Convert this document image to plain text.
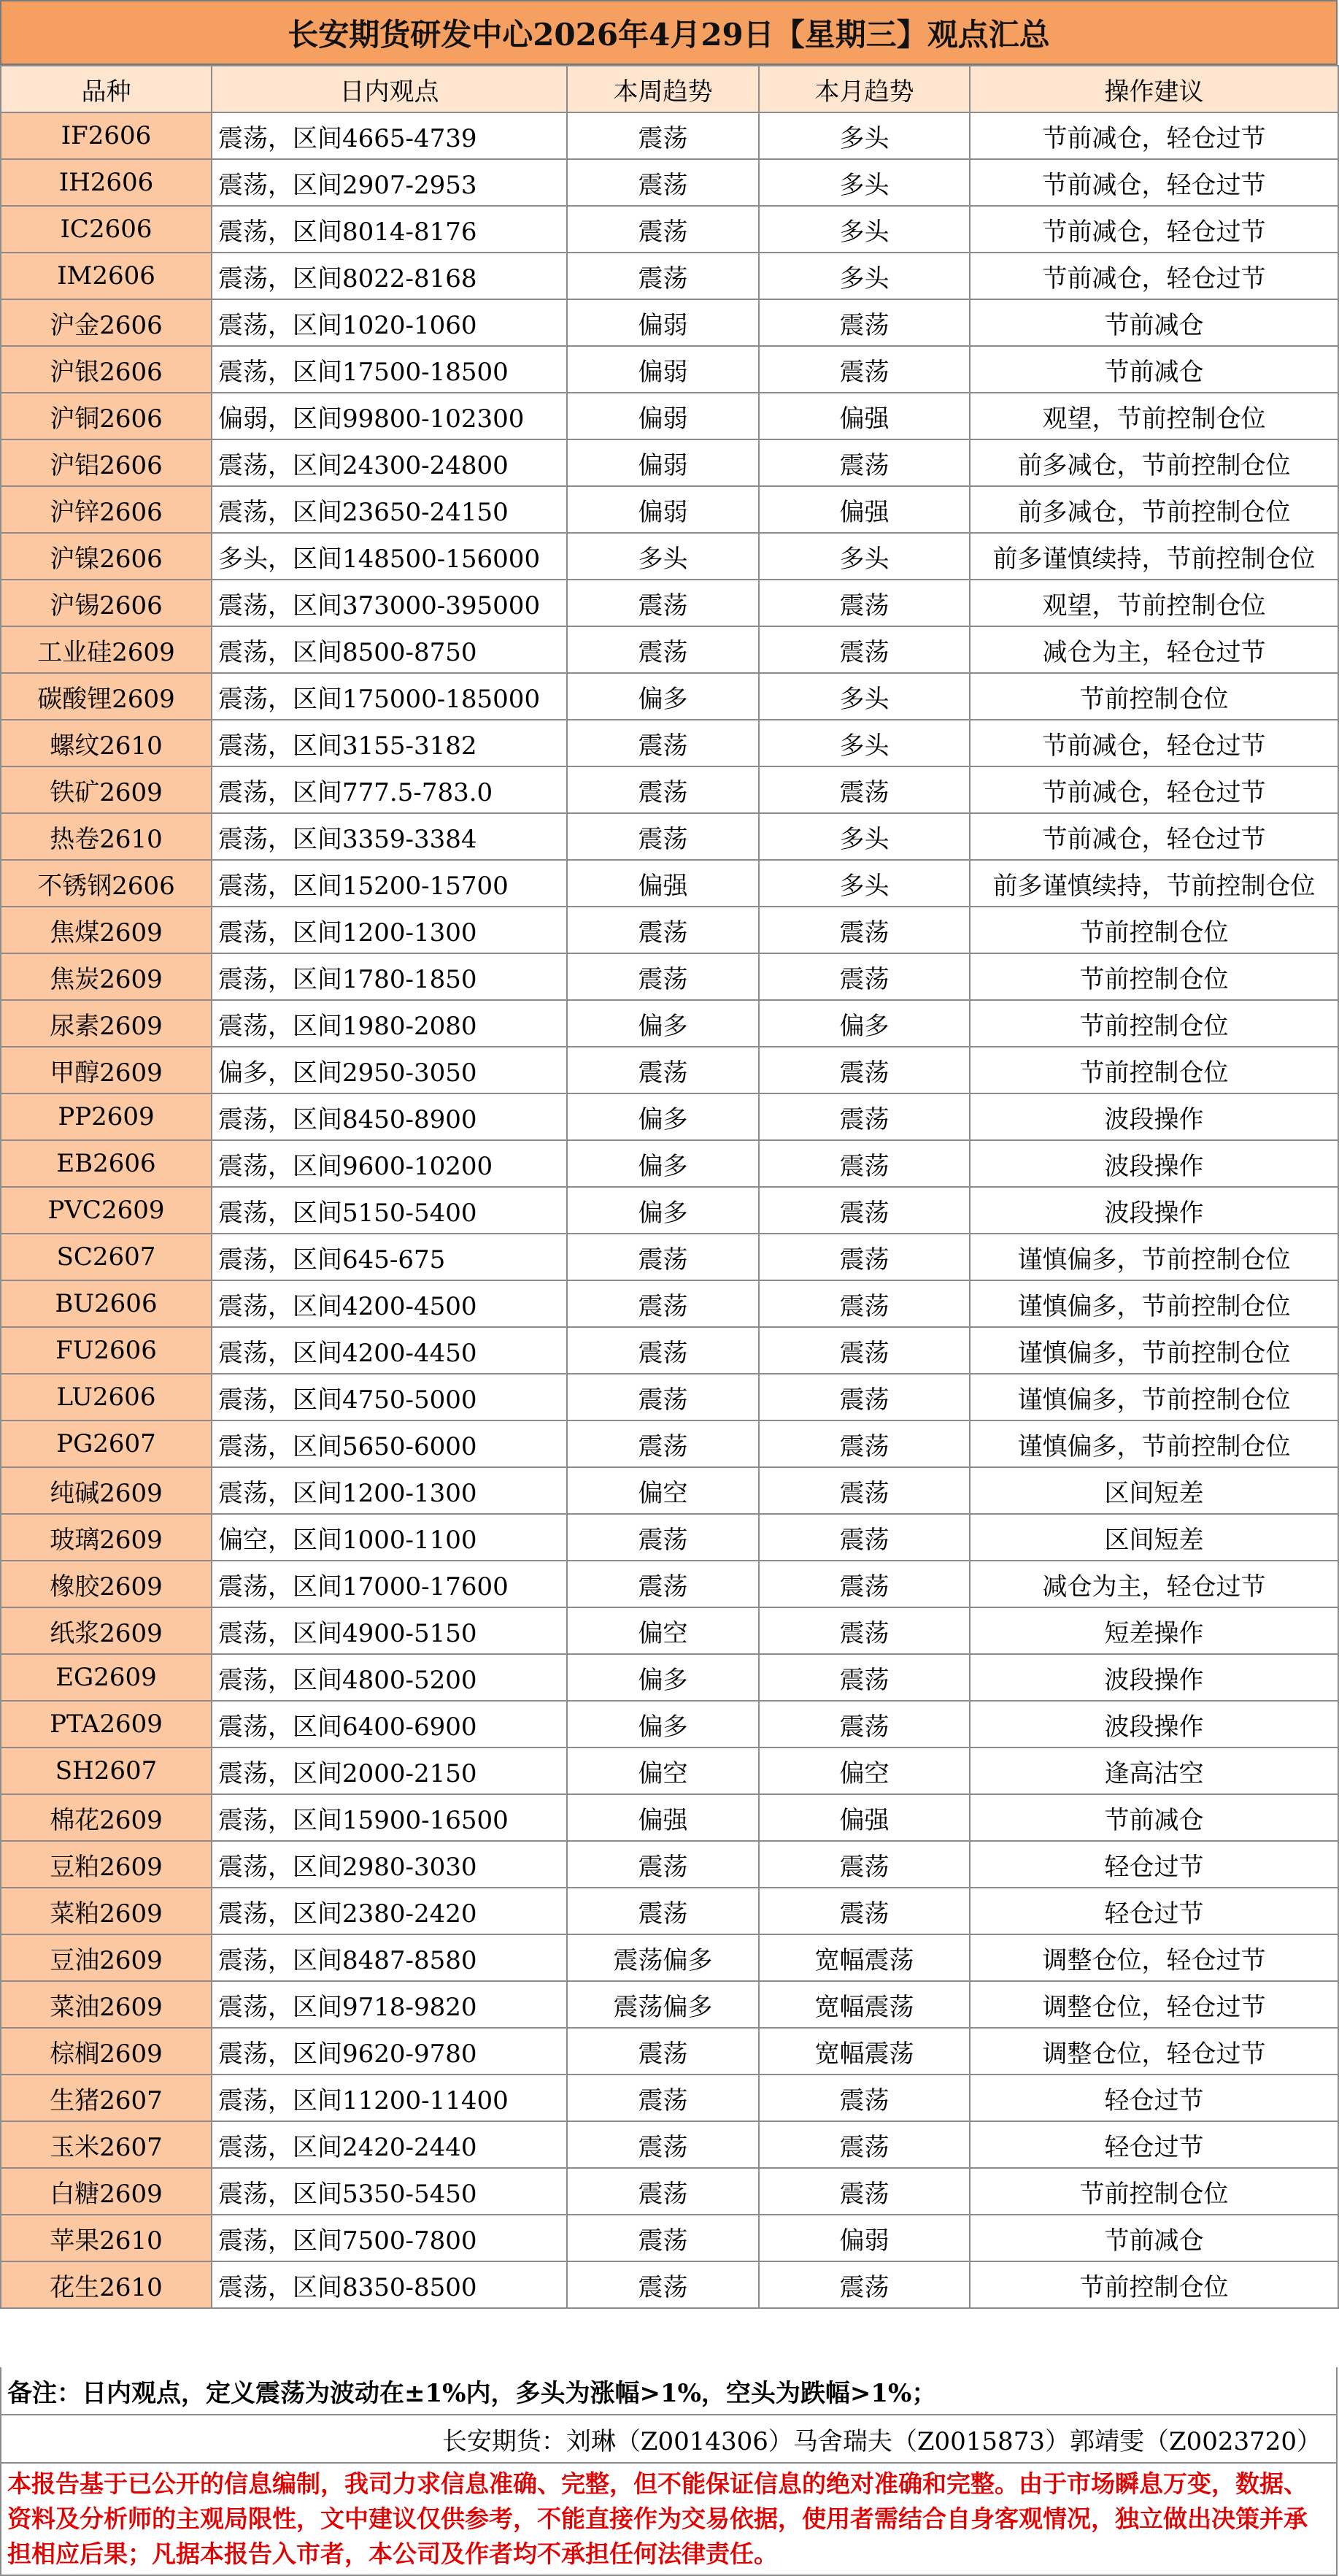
长安期货研发中心2026年4月29日【星期三】观点汇总
品种	日内观点	本周趋势	本月趋势	操作建议
IF2606	震荡，区间4665-4739	震荡	多头	节前减仓，轻仓过节
IH2606	震荡，区间2907-2953	震荡	多头	节前减仓，轻仓过节
IC2606	震荡，区间8014-8176	震荡	多头	节前减仓，轻仓过节
IM2606	震荡，区间8022-8168	震荡	多头	节前减仓，轻仓过节
沪金2606	震荡，区间1020-1060	偏弱	震荡	节前减仓
沪银2606	震荡，区间17500-18500	偏弱	震荡	节前减仓
沪铜2606	偏弱，区间99800-102300	偏弱	偏强	观望，节前控制仓位
沪铝2606	震荡，区间24300-24800	偏弱	震荡	前多减仓，节前控制仓位
沪锌2606	震荡，区间23650-24150	偏弱	偏强	前多减仓，节前控制仓位
沪镍2606	多头，区间148500-156000	多头	多头	前多谨慎续持，节前控制仓位
沪锡2606	震荡，区间373000-395000	震荡	震荡	观望，节前控制仓位
工业硅2609	震荡，区间8500-8750	震荡	震荡	减仓为主，轻仓过节
碳酸锂2609	震荡，区间175000-185000	偏多	多头	节前控制仓位
螺纹2610	震荡，区间3155-3182	震荡	多头	节前减仓，轻仓过节
铁矿2609	震荡，区间777.5-783.0	震荡	震荡	节前减仓，轻仓过节
热卷2610	震荡，区间3359-3384	震荡	多头	节前减仓，轻仓过节
不锈钢2606	震荡，区间15200-15700	偏强	多头	前多谨慎续持，节前控制仓位
焦煤2609	震荡，区间1200-1300	震荡	震荡	节前控制仓位
焦炭2609	震荡，区间1780-1850	震荡	震荡	节前控制仓位
尿素2609	震荡，区间1980-2080	偏多	偏多	节前控制仓位
甲醇2609	偏多，区间2950-3050	震荡	震荡	节前控制仓位
PP2609	震荡，区间8450-8900	偏多	震荡	波段操作
EB2606	震荡，区间9600-10200	偏多	震荡	波段操作
PVC2609	震荡，区间5150-5400	偏多	震荡	波段操作
SC2607	震荡，区间645-675	震荡	震荡	谨慎偏多，节前控制仓位
BU2606	震荡，区间4200-4500	震荡	震荡	谨慎偏多，节前控制仓位
FU2606	震荡，区间4200-4450	震荡	震荡	谨慎偏多，节前控制仓位
LU2606	震荡，区间4750-5000	震荡	震荡	谨慎偏多，节前控制仓位
PG2607	震荡，区间5650-6000	震荡	震荡	谨慎偏多，节前控制仓位
纯碱2609	震荡，区间1200-1300	偏空	震荡	区间短差
玻璃2609	偏空，区间1000-1100	震荡	震荡	区间短差
橡胶2609	震荡，区间17000-17600	震荡	震荡	减仓为主，轻仓过节
纸浆2609	震荡，区间4900-5150	偏空	震荡	短差操作
EG2609	震荡，区间4800-5200	偏多	震荡	波段操作
PTA2609	震荡，区间6400-6900	偏多	震荡	波段操作
SH2607	震荡，区间2000-2150	偏空	偏空	逢高沽空
棉花2609	震荡，区间15900-16500	偏强	偏强	节前减仓
豆粕2609	震荡，区间2980-3030	震荡	震荡	轻仓过节
菜粕2609	震荡，区间2380-2420	震荡	震荡	轻仓过节
豆油2609	震荡，区间8487-8580	震荡偏多	宽幅震荡	调整仓位，轻仓过节
菜油2609	震荡，区间9718-9820	震荡偏多	宽幅震荡	调整仓位，轻仓过节
棕榈2609	震荡，区间9620-9780	震荡	宽幅震荡	调整仓位，轻仓过节
生猪2607	震荡，区间11200-11400	震荡	震荡	轻仓过节
玉米2607	震荡，区间2420-2440	震荡	震荡	轻仓过节
白糖2609	震荡，区间5350-5450	震荡	震荡	节前控制仓位
苹果2610	震荡，区间7500-7800	震荡	偏弱	节前减仓
花生2610	震荡，区间8350-8500	震荡	震荡	节前控制仓位
备注：日内观点，定义震荡为波动在±1%内，多头为涨幅>1%，空头为跌幅>1%；
长安期货：刘琳（Z0014306）马舍瑞夫（Z0015873）郭靖雯（Z0023720）
本报告基于已公开的信息编制，我司力求信息准确、完整，但不能保证信息的绝对准确和完整。由于市场瞬息万变，数据、资料及分析师的主观局限性，文中建议仅供参考，不能直接作为交易依据，使用者需结合自身客观情况，独立做出决策并承担相应后果；凡据本报告入市者，本公司及作者均不承担任何法律责任。
